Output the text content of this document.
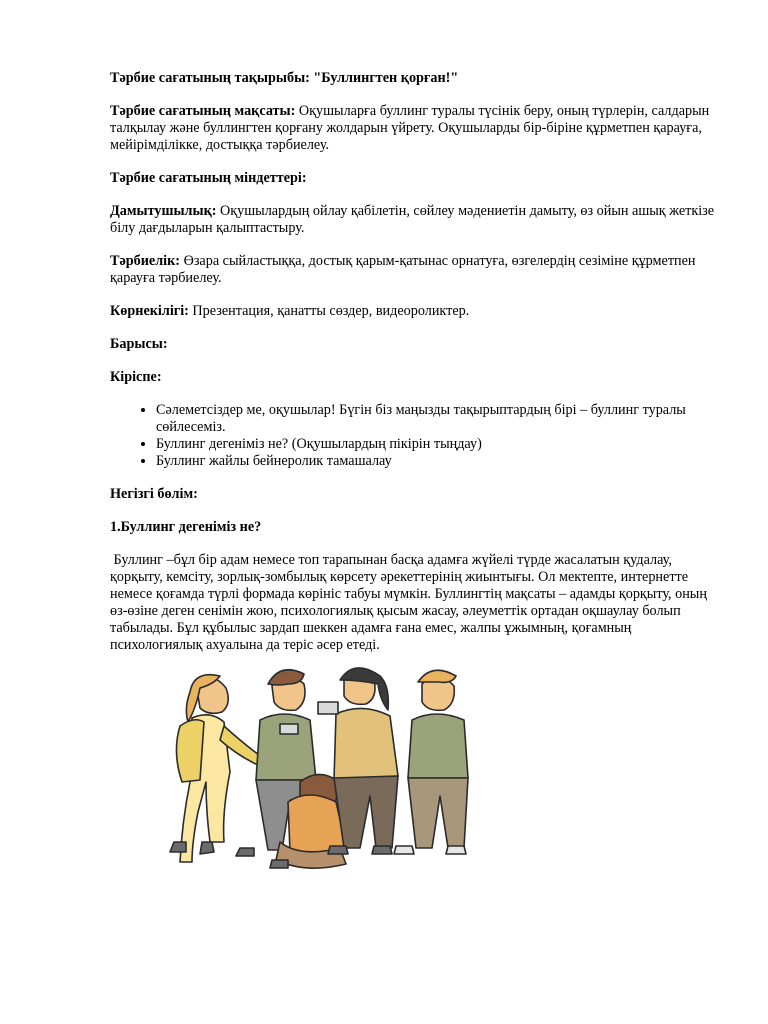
Тәрбие сағатының тақырыбы: "Буллингтен қорған!"

Тәрбие сағатының мақсаты: Оқушыларға буллинг туралы түсінік беру, оның түрлерін, салдарын талқылау және буллингтен қорғану жолдарын үйрету. Оқушыларды бір-біріне құрметпен қарауға, мейірімділікке, достыққа тәрбиелеу.

Тәрбие сағатының міндеттері:

Дамытушылық: Оқушылардың ойлау қабілетін, сөйлеу мәдениетін дамыту, өз ойын ашық жеткізе білу дағдыларын қалыптастыру.

Тәрбиелік: Өзара сыйластыққа, достық қарым-қатынас орнатуға, өзгелердің сезіміне құрметпен қарауға тәрбиелеу.

Көрнекілігі: Презентация, қанатты сөздер, видеороликтер.

Барысы:

Кіріспе:

• Сәлеметсіздер ме, оқушылар! Бүгін біз маңызды тақырыптардың бірі – буллинг туралы сөйлесеміз.
• Буллинг дегеніміз не? (Оқушылардың пікірін тыңдау)
• Буллинг жайлы бейнеролик тамашалау

Негізгі бөлім:

1.Буллинг дегеніміз не?

Буллинг –бұл бір адам немесе топ тарапынан басқа адамға жүйелі түрде жасалатын қудалау, қорқыту, кемсіту, зорлық-зомбылық көрсету әрекеттерінің жиынтығы. Ол мектепте, интернетте немесе қоғамда түрлі формада көрініс табуы мүмкін. Буллингтің мақсаты – адамды қорқыту, оның өз-өзіне деген сенімін жою, психологиялық қысым жасау, әлеуметтік ортадан оқшаулау болып табылады. Бұл құбылыс зардап шеккен адамға ғана емес, жалпы ұжымның, қоғамның психологиялық ахуалына да теріс әсер етеді.
